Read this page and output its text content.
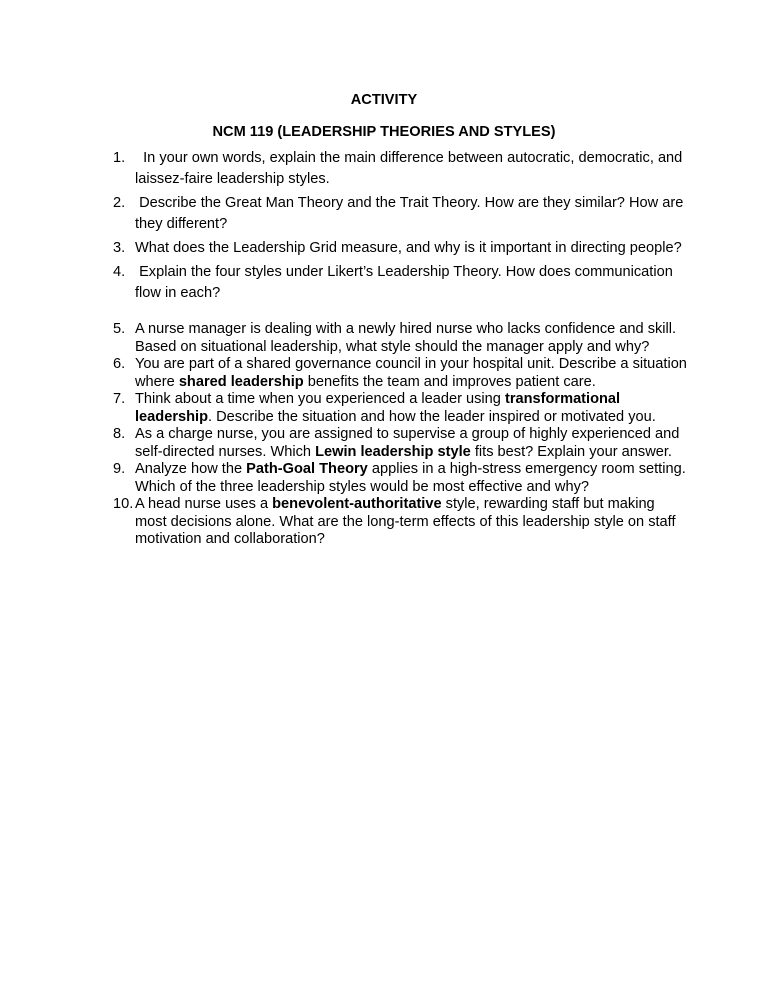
ACTIVITY
NCM 119 (LEADERSHIP THEORIES AND STYLES)
1. In your own words, explain the main difference between autocratic, democratic, and laissez-faire leadership styles.
2. Describe the Great Man Theory and the Trait Theory. How are they similar? How are they different?
3. What does the Leadership Grid measure, and why is it important in directing people?
4. Explain the four styles under Likert’s Leadership Theory. How does communication flow in each?
5. A nurse manager is dealing with a newly hired nurse who lacks confidence and skill. Based on situational leadership, what style should the manager apply and why?
6. You are part of a shared governance council in your hospital unit. Describe a situation where shared leadership benefits the team and improves patient care.
7. Think about a time when you experienced a leader using transformational leadership. Describe the situation and how the leader inspired or motivated you.
8. As a charge nurse, you are assigned to supervise a group of highly experienced and self-directed nurses. Which Lewin leadership style fits best? Explain your answer.
9. Analyze how the Path-Goal Theory applies in a high-stress emergency room setting. Which of the three leadership styles would be most effective and why?
10. A head nurse uses a benevolent-authoritative style, rewarding staff but making most decisions alone. What are the long-term effects of this leadership style on staff motivation and collaboration?
